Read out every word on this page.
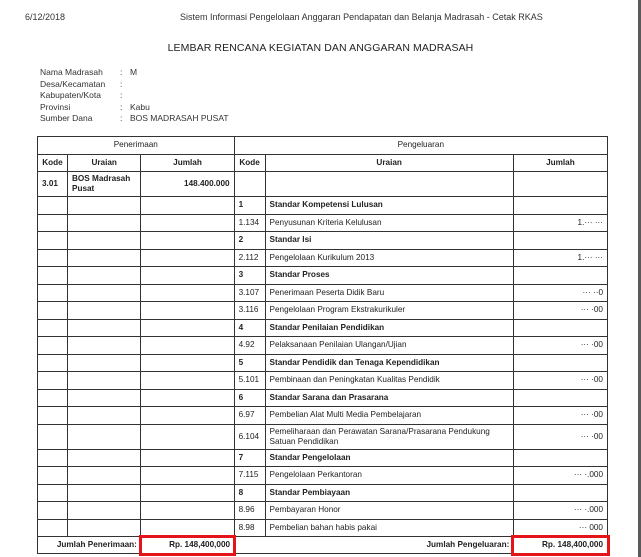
6/12/2018	Sistem Informasi Pengelolaan Anggaran Pendapatan dan Belanja Madrasah - Cetak RKAS
LEMBAR RENCANA KEGIATAN DAN ANGGARAN MADRASAH
Nama Madrasah	: M
Desa/Kecamatan	:
Kabupaten/Kota	:
Provinsi	: Kabu
Sumber Dana	: BOS MADRASAH PUSAT
Penerimaan			Pengeluaran		
Kode	Uraian	Jumlah	Kode	Uraian	Jumlah
3.01	BOS Madrasah Pusat	148.400.000			
			1	Standar Kompetensi Lulusan	
			1.134	Penyusunan Kriteria Kelulusan	1.··· ···
			2	Standar Isi	
			2.112	Pengelolaan Kurikulum 2013	1.··· ···
			3	Standar Proses	
			3.107	Penerimaan Peserta Didik Baru	··· ··0
			3.116	Pengelolaan Program Ekstrakurikuler	··· ·00
			4	Standar Penilaian Pendidikan	
			4.92	Pelaksanaan Penilaian Ulangan/Ujian	··· ·00
			5	Standar Pendidik dan Tenaga Kependidikan	
			5.101	Pembinaan dan Peningkatan Kualitas Pendidik	··· ·00
			6	Standar Sarana dan Prasarana	
			6.97	Pembelian Alat Multi Media Pembelajaran	··· ·00
			6.104	Pemeliharaan dan Perawatan Sarana/Prasarana Pendukung Satuan Pendidikan	··· ·00
			7	Standar Pengelolaan	
			7.115	Pengelolaan Perkantoran	··· ·.000
			8	Standar Pembiayaan	
			8.96	Pembayaran Honor	··· ·.000
			8.98	Pembelian bahan habis pakai	··· 000
Jumlah Penerimaan:		Rp. 148,400,000	Jumlah Pengeluaran:		Rp. 148,400,000
